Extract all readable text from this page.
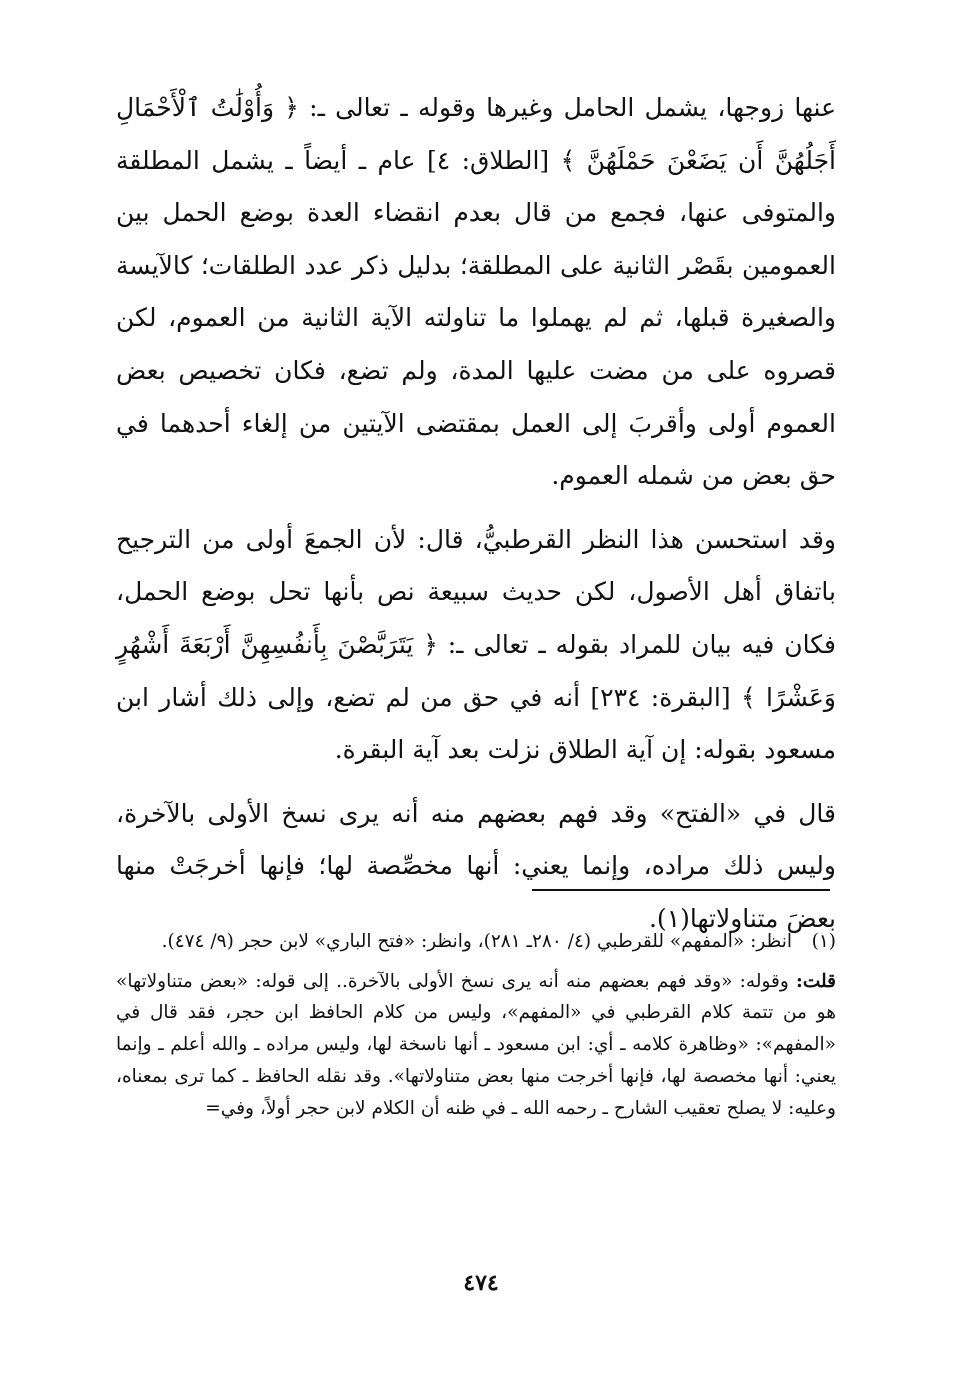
عنها زوجها، يشمل الحامل وغيرها وقوله ـ تعالى ـ: ﴿ وَأُوْلَٰتُ ٱلْأَحْمَالِ أَجَلُهُنَّ أَن يَضَعْنَ حَمْلَهُنَّ ﴾ [الطلاق: ٤] عام ـ أيضاً ـ يشمل المطلقة والمتوفى عنها، فجمع من قال بعدم انقضاء العدة بوضع الحمل بين العمومين بقَصْر الثانية على المطلقة؛ بدليل ذكر عدد الطلقات؛ كالآيسة والصغيرة قبلها، ثم لم يهملوا ما تناولته الآية الثانية من العموم، لكن قصروه على من مضت عليها المدة، ولم تضع، فكان تخصيص بعض العموم أولى وأقربَ إلى العمل بمقتضى الآيتين من إلغاء أحدهما في حق بعض من شمله العموم.

وقد استحسن هذا النظر القرطبيُّ، قال: لأن الجمعَ أولى من الترجيح باتفاق أهل الأصول، لكن حديث سبيعة نص بأنها تحل بوضع الحمل، فكان فيه بيان للمراد بقوله ـ تعالى ـ: ﴿ يَتَرَبَّصْنَ بِأَنفُسِهِنَّ أَرْبَعَةَ أَشْهُرٍ وَعَشْرًا ﴾ [البقرة: ٢٣٤] أنه في حق من لم تضع، وإلى ذلك أشار ابن مسعود بقوله: إن آية الطلاق نزلت بعد آية البقرة.

قال في «الفتح» وقد فهم بعضهم منه أنه يرى نسخ الأولى بالآخرة، وليس ذلك مراده، وإنما يعني: أنها مخصِّصة لها؛ فإنها أخرجَتْ منها بعضَ متناولاتها(١).

(١)
انظر: «المفهم» للقرطبي (٤/ ٢٨٠ـ ٢٨١)، وانظر: «فتح الباري» لابن حجر (٩/ ٤٧٤).
قلت: وقوله: «وقد فهم بعضهم منه أنه يرى نسخ الأولى بالآخرة.. إلى قوله: «بعض متناولاتها» هو من تتمة كلام القرطبي في «المفهم»، وليس من كلام الحافظ ابن حجر، فقد قال في «المفهم»: «وظاهرة كلامه ـ أي: ابن مسعود ـ أنها ناسخة لها، وليس مراده ـ والله أعلم ـ وإنما يعني: أنها مخصصة لها، فإنها أخرجت منها بعض متناولاتها». وقد نقله الحافظ ـ كما ترى بمعناه، وعليه: لا يصلح تعقيب الشارح ـ رحمه الله ـ في ظنه أن الكلام لابن حجر أولاً، وفي=
٤٧٤
